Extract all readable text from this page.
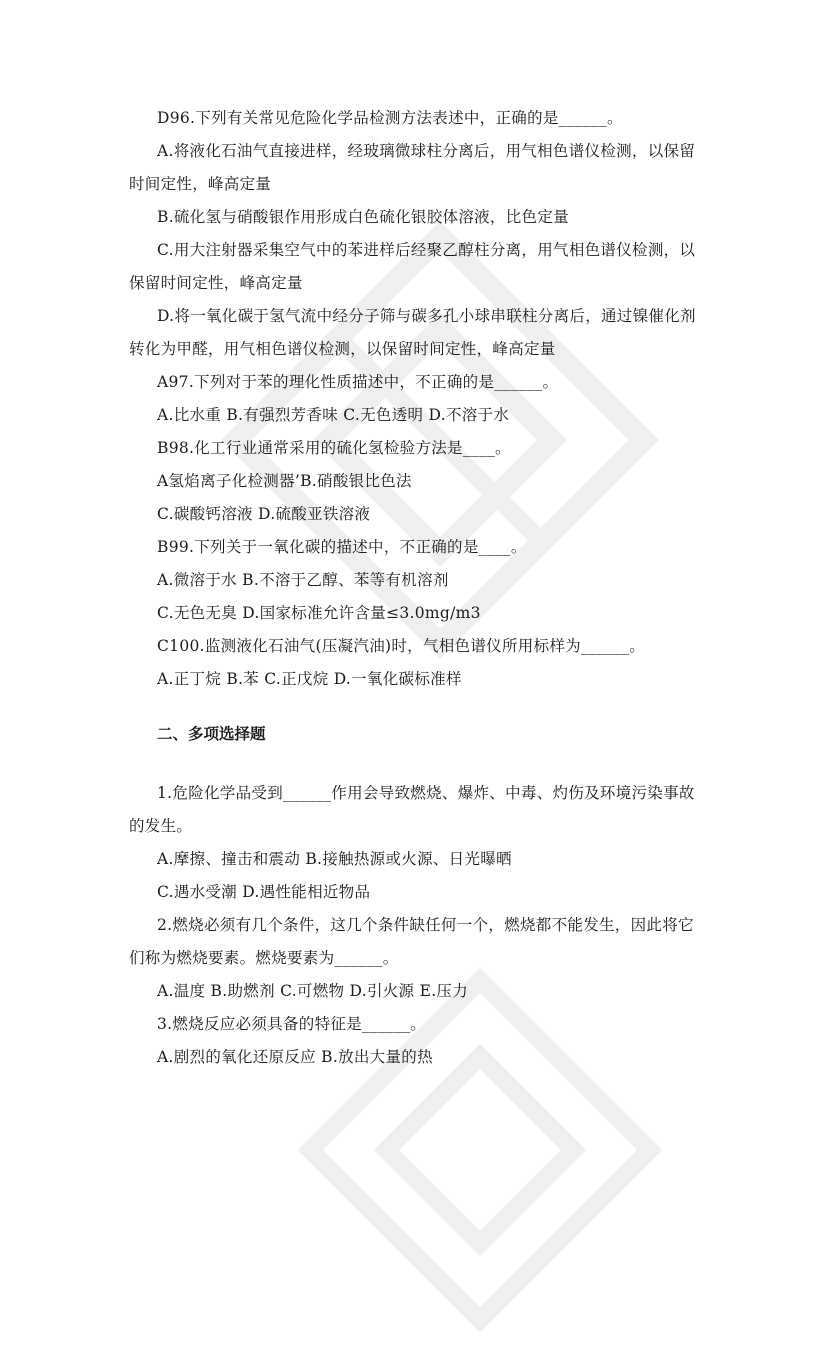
D96.下列有关常见危险化学品检测方法表述中，正确的是______。

A.将液化石油气直接进样，经玻璃微球柱分离后，用气相色谱仪检测，以保留时间定性，峰高定量

B.硫化氢与硝酸银作用形成白色硫化银胶体溶液，比色定量

C.用大注射器采集空气中的苯进样后经聚乙醇柱分离，用气相色谱仪检测，以保留时间定性，峰高定量

D.将一氧化碳于氢气流中经分子筛与碳多孔小球串联柱分离后，通过镍催化剂转化为甲醛，用气相色谱仪检测，以保留时间定性，峰高定量

A97.下列对于苯的理化性质描述中，不正确的是______。

A.比水重 B.有强烈芳香味 C.无色透明 D.不溶于水

B98.化工行业通常采用的硫化氢检验方法是____。

A氢焰离子化检测器’B.硝酸银比色法

C.碳酸钙溶液 D.硫酸亚铁溶液

B99.下列关于一氧化碳的描述中，不正确的是____。

A.微溶于水 B.不溶于乙醇、苯等有机溶剂

C.无色无臭 D.国家标准允许含量≤3.0mg/m3

C100.监测液化石油气(压凝汽油)时，气相色谱仪所用标样为______。

A.正丁烷 B.苯 C.正戊烷 D.一氧化碳标准样

二、多项选择题

1.危险化学品受到______作用会导致燃烧、爆炸、中毒、灼伤及环境污染事故的发生。

A.摩擦、撞击和震动 B.接触热源或火源、日光曝晒

C.遇水受潮 D.遇性能相近物品

2.燃烧必须有几个条件，这几个条件缺任何一个，燃烧都不能发生，因此将它们称为燃烧要素。燃烧要素为______。

A.温度 B.助燃剂 C.可燃物 D.引火源 E.压力

3.燃烧反应必须具备的特征是______。

A.剧烈的氧化还原反应 B.放出大量的热
